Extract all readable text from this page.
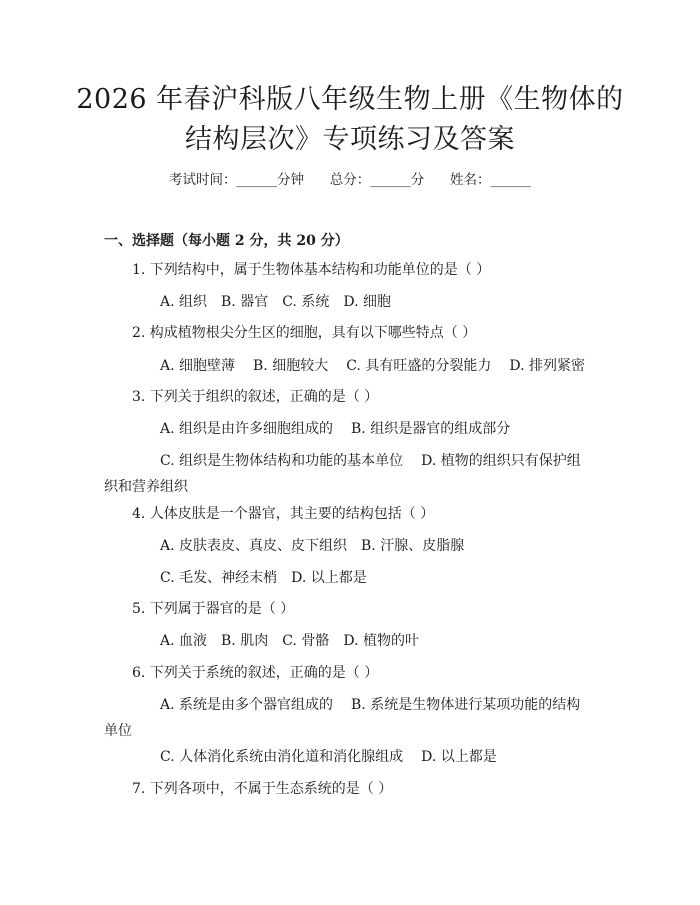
2026 年春沪科版八年级生物上册《生物体的
结构层次》专项练习及答案
考试时间：______分钟 总分：______分 姓名：______
一、选择题（每小题 2 分，共 20 分）
1. 下列结构中，属于生物体基本结构和功能单位的是（ ）
A. 组织 B. 器官 C. 系统 D. 细胞
2. 构成植物根尖分生区的细胞，具有以下哪些特点（ ）
A. 细胞壁薄 B. 细胞较大 C. 具有旺盛的分裂能力 D. 排列紧密
3. 下列关于组织的叙述，正确的是（ ）
A. 组织是由许多细胞组成的 B. 组织是器官的组成部分
C. 组织是生物体结构和功能的基本单位 D. 植物的组织只有保护组织和营养组织
4. 人体皮肤是一个器官，其主要的结构包括（ ）
A. 皮肤表皮、真皮、皮下组织 B. 汗腺、皮脂腺
C. 毛发、神经末梢 D. 以上都是
5. 下列属于器官的是（ ）
A. 血液 B. 肌肉 C. 骨骼 D. 植物的叶
6. 下列关于系统的叙述，正确的是（ ）
A. 系统是由多个器官组成的 B. 系统是生物体进行某项功能的结构单位
C. 人体消化系统由消化道和消化腺组成 D. 以上都是
7. 下列各项中，不属于生态系统的是（ ）
